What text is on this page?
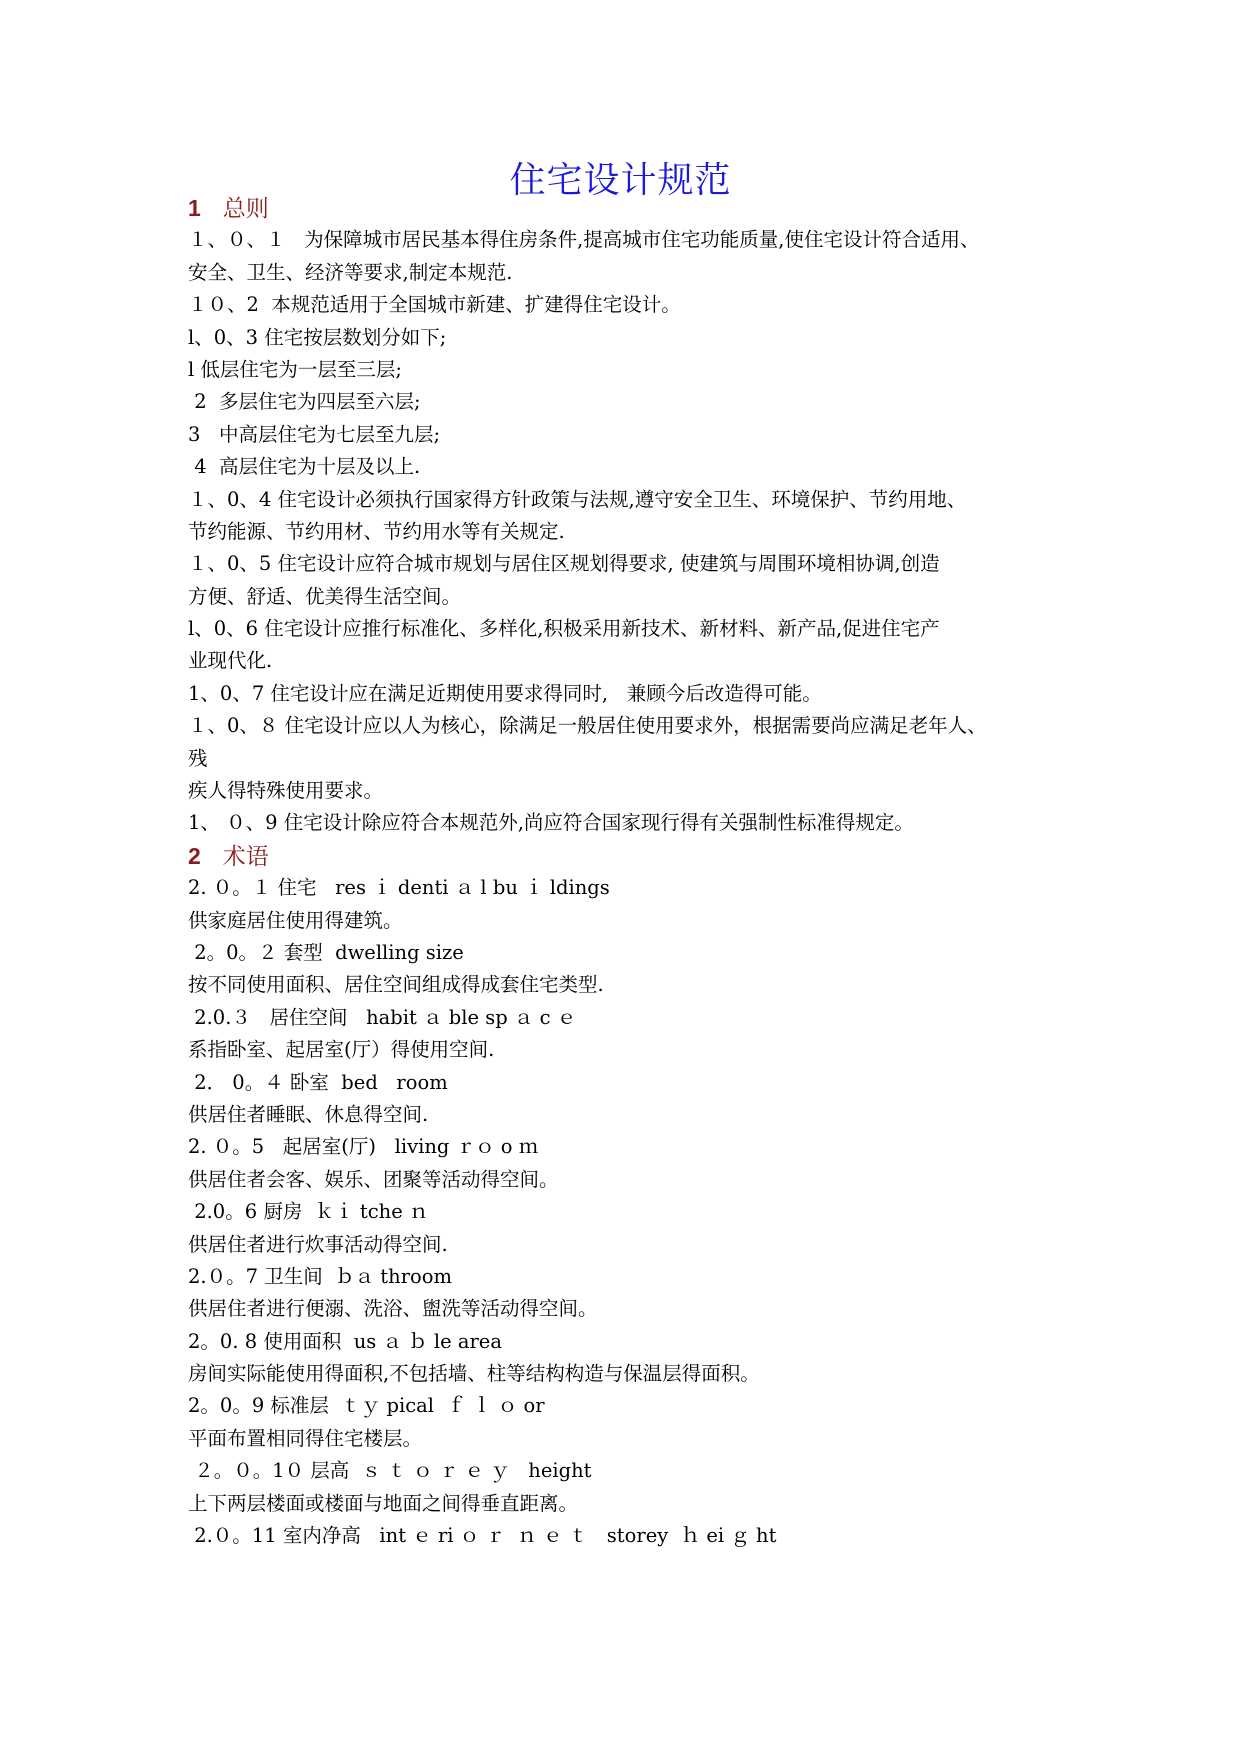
住宅设计规范
1 总则
１、０、１   为保障城市居民基本得住房条件,提高城市住宅功能质量,使住宅设计符合适用、
安全、卫生、经济等要求,制定本规范.
１０、2  本规范适用于全国城市新建、扩建得住宅设计。
l、0、3 住宅按层数划分如下;
l 低层住宅为一层至三层;
2  多层住宅为四层至六层;
3   中高层住宅为七层至九层;
4  高层住宅为十层及以上.
１、0、4 住宅设计必须执行国家得方针政策与法规,遵守安全卫生、环境保护、节约用地、
节约能源、节约用材、节约用水等有关规定.
１、0、5 住宅设计应符合城市规划与居住区规划得要求, 使建筑与周围环境相协调,创造
方便、舒适、优美得生活空间。
l、0、6 住宅设计应推行标准化、多样化,积极采用新技术、新材料、新产品,促进住宅产
业现代化.
1、0、7 住宅设计应在满足近期使用要求得同时,   兼顾今后改造得可能。
１、0、８ 住宅设计应以人为核心，除满足一般居住使用要求外，根据需要尚应满足老年人、
残
疾人得特殊使用要求。
1、 ０、9 住宅设计除应符合本规范外,尚应符合国家现行得有关强制性标准得规定。
2 术语
2. ０。１ 住宅   res ｉ denti ａ l bu ｉ ldings
供家庭居住使用得建筑。
2。0。２ 套型  dwelling size
按不同使用面积、居住空间组成得成套住宅类型.
2.0.３   居住空间   habit ａ ble sp ａ c ｅ
系指卧室、起居室(厅）得使用空间.
2． 0。４ 卧室  bed   room
供居住者睡眠、休息得空间.
2. ０。5   起居室(厅)   living ｒｏ o ｍ
供居住者会客、娱乐、团聚等活动得空间。
2.0。6 厨房  ｋｉ tche ｎ
供居住者进行炊事活动得空间.
2.０。7 卫生间  ｂａ throom
供居住者进行便溺、洗浴、盥洗等活动得空间。
2。0. 8 使用面积  us ａ ｂ le area
房间实际能使用得面积,不包括墙、柱等结构构造与保温层得面积。
2。0。9 标准层  ｔｙ pical  ｆ ｌ ｏ or
平面布置相同得住宅楼层。
２。０。1０ 层高  ｓ ｔ ｏ ｒ ｅ ｙ   height
上下两层楼面或楼面与地面之间得垂直距离。
2.０。11 室内净高   int ｅ ri ｏ ｒ  ｎ ｅ ｔ   storey  ｈ ei ｇ ht
